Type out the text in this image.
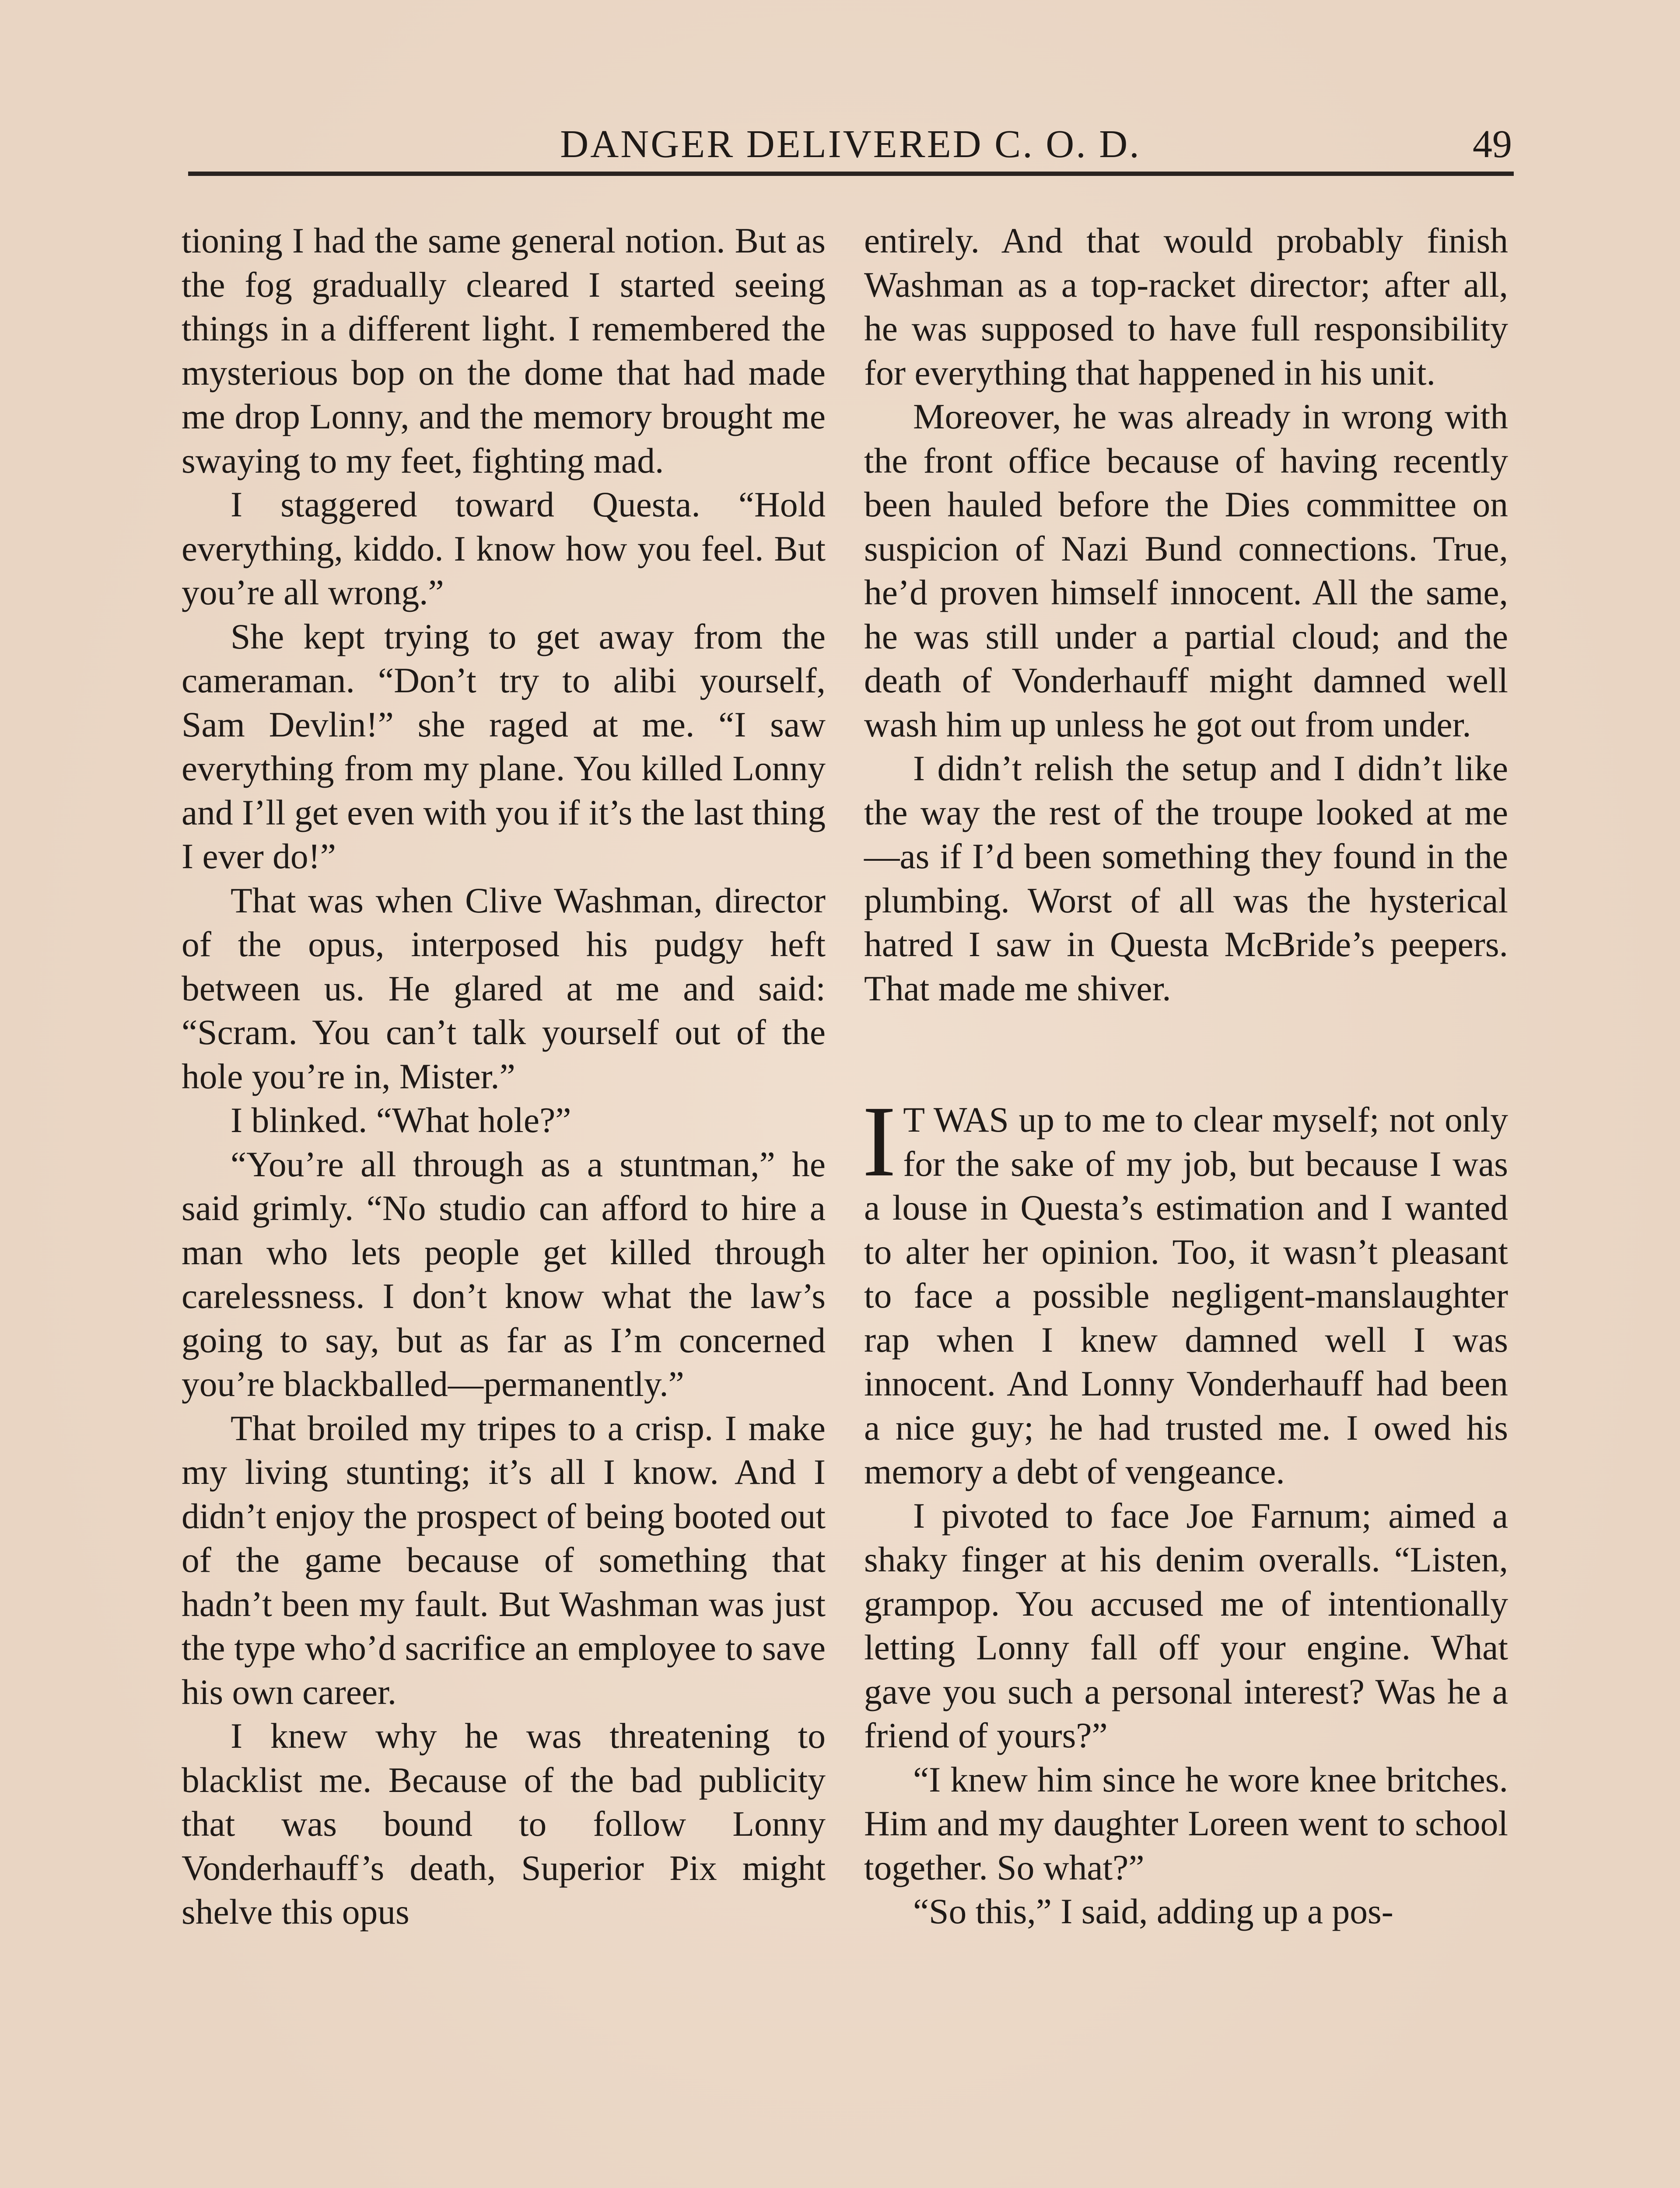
DANGER DELIVERED C. O. D.	49

tioning I had the same general notion. But as the fog gradually cleared I started seeing things in a different light. I remembered the mysterious bop on the dome that had made me drop Lonny, and the memory brought me swaying to my feet, fighting mad.

I staggered toward Questa. “Hold everything, kiddo. I know how you feel. But you’re all wrong.”

She kept trying to get away from the cameraman. “Don’t try to alibi yourself, Sam Devlin!” she raged at me. “I saw everything from my plane. You killed Lonny and I’ll get even with you if it’s the last thing I ever do!”

That was when Clive Washman, director of the opus, interposed his pudgy heft between us. He glared at me and said: “Scram. You can’t talk yourself out of the hole you’re in, Mister.”

I blinked. “What hole?”

“You’re all through as a stuntman,” he said grimly. “No studio can afford to hire a man who lets people get killed through carelessness. I don’t know what the law’s going to say, but as far as I’m concerned you’re blackballed—permanently.”

That broiled my tripes to a crisp. I make my living stunting; it’s all I know. And I didn’t enjoy the prospect of being booted out of the game because of something that hadn’t been my fault. But Washman was just the type who’d sacrifice an employee to save his own career.

I knew why he was threatening to blacklist me. Because of the bad publicity that was bound to follow Lonny Vonderhauff’s death, Superior Pix might shelve this opus

entirely. And that would probably finish Washman as a top-racket director; after all, he was supposed to have full responsibility for everything that happened in his unit.

Moreover, he was already in wrong with the front office because of having recently been hauled before the Dies committee on suspicion of Nazi Bund connections. True, he’d proven himself innocent. All the same, he was still under a partial cloud; and the death of Vonderhauff might damned well wash him up unless he got out from under.

I didn’t relish the setup and I didn’t like the way the rest of the troupe looked at me—as if I’d been something they found in the plumbing. Worst of all was the hysterical hatred I saw in Questa McBride’s peepers. That made me shiver.

I T WAS up to me to clear myself; not only for the sake of my job, but because I was a louse in Questa’s estimation and I wanted to alter her opinion. Too, it wasn’t pleasant to face a possible negligent-manslaughter rap when I knew damned well I was innocent. And Lonny Vonderhauff had been a nice guy; he had trusted me. I owed his memory a debt of vengeance.

I pivoted to face Joe Farnum; aimed a shaky finger at his denim overalls. “Listen, grampop. You accused me of intentionally letting Lonny fall off your engine. What gave you such a personal interest? Was he a friend of yours?”

“I knew him since he wore knee britches. Him and my daughter Loreen went to school together. So what?”

“So this,” I said, adding up a pos-
